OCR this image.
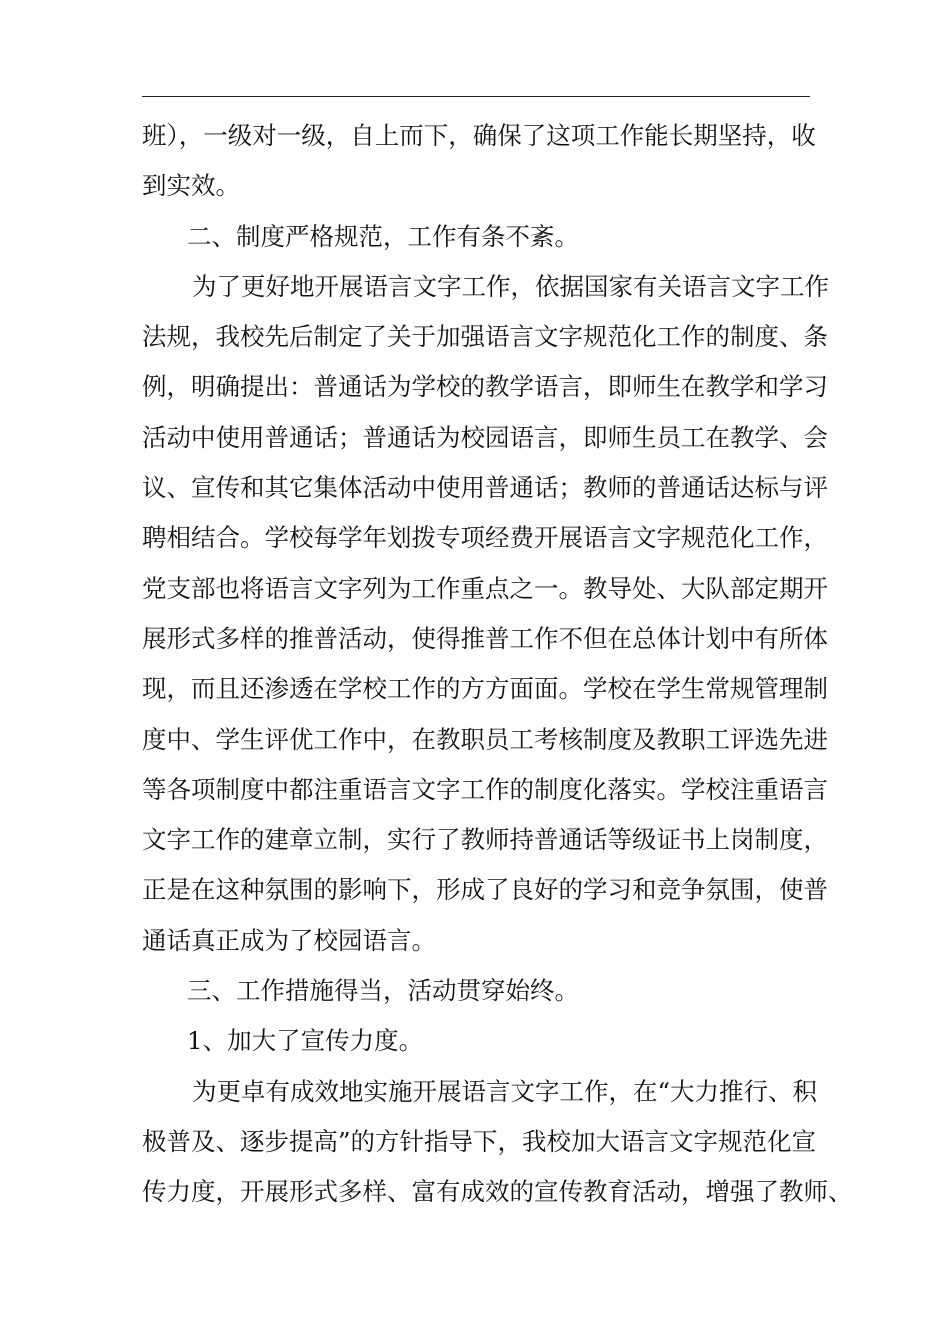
班），一级对一级，自上而下，确保了这项工作能长期坚持，收
到实效。
二、制度严格规范，工作有条不紊。
为了更好地开展语言文字工作，依据国家有关语言文字工作
法规，我校先后制定了关于加强语言文字规范化工作的制度、条
例，明确提出：普通话为学校的教学语言，即师生在教学和学习
活动中使用普通话；普通话为校园语言，即师生员工在教学、会
议、宣传和其它集体活动中使用普通话；教师的普通话达标与评
聘相结合。学校每学年划拨专项经费开展语言文字规范化工作，
党支部也将语言文字列为工作重点之一。教导处、大队部定期开
展形式多样的推普活动，使得推普工作不但在总体计划中有所体
现，而且还渗透在学校工作的方方面面。学校在学生常规管理制
度中、学生评优工作中，在教职员工考核制度及教职工评选先进
等各项制度中都注重语言文字工作的制度化落实。学校注重语言
文字工作的建章立制，实行了教师持普通话等级证书上岗制度，
正是在这种氛围的影响下，形成了良好的学习和竞争氛围，使普
通话真正成为了校园语言。
三、工作措施得当，活动贯穿始终。
1、加大了宣传力度。
为更卓有成效地实施开展语言文字工作，在“大力推行、积
极普及、逐步提高”的方针指导下，我校加大语言文字规范化宣
传力度，开展形式多样、富有成效的宣传教育活动，增强了教师、
